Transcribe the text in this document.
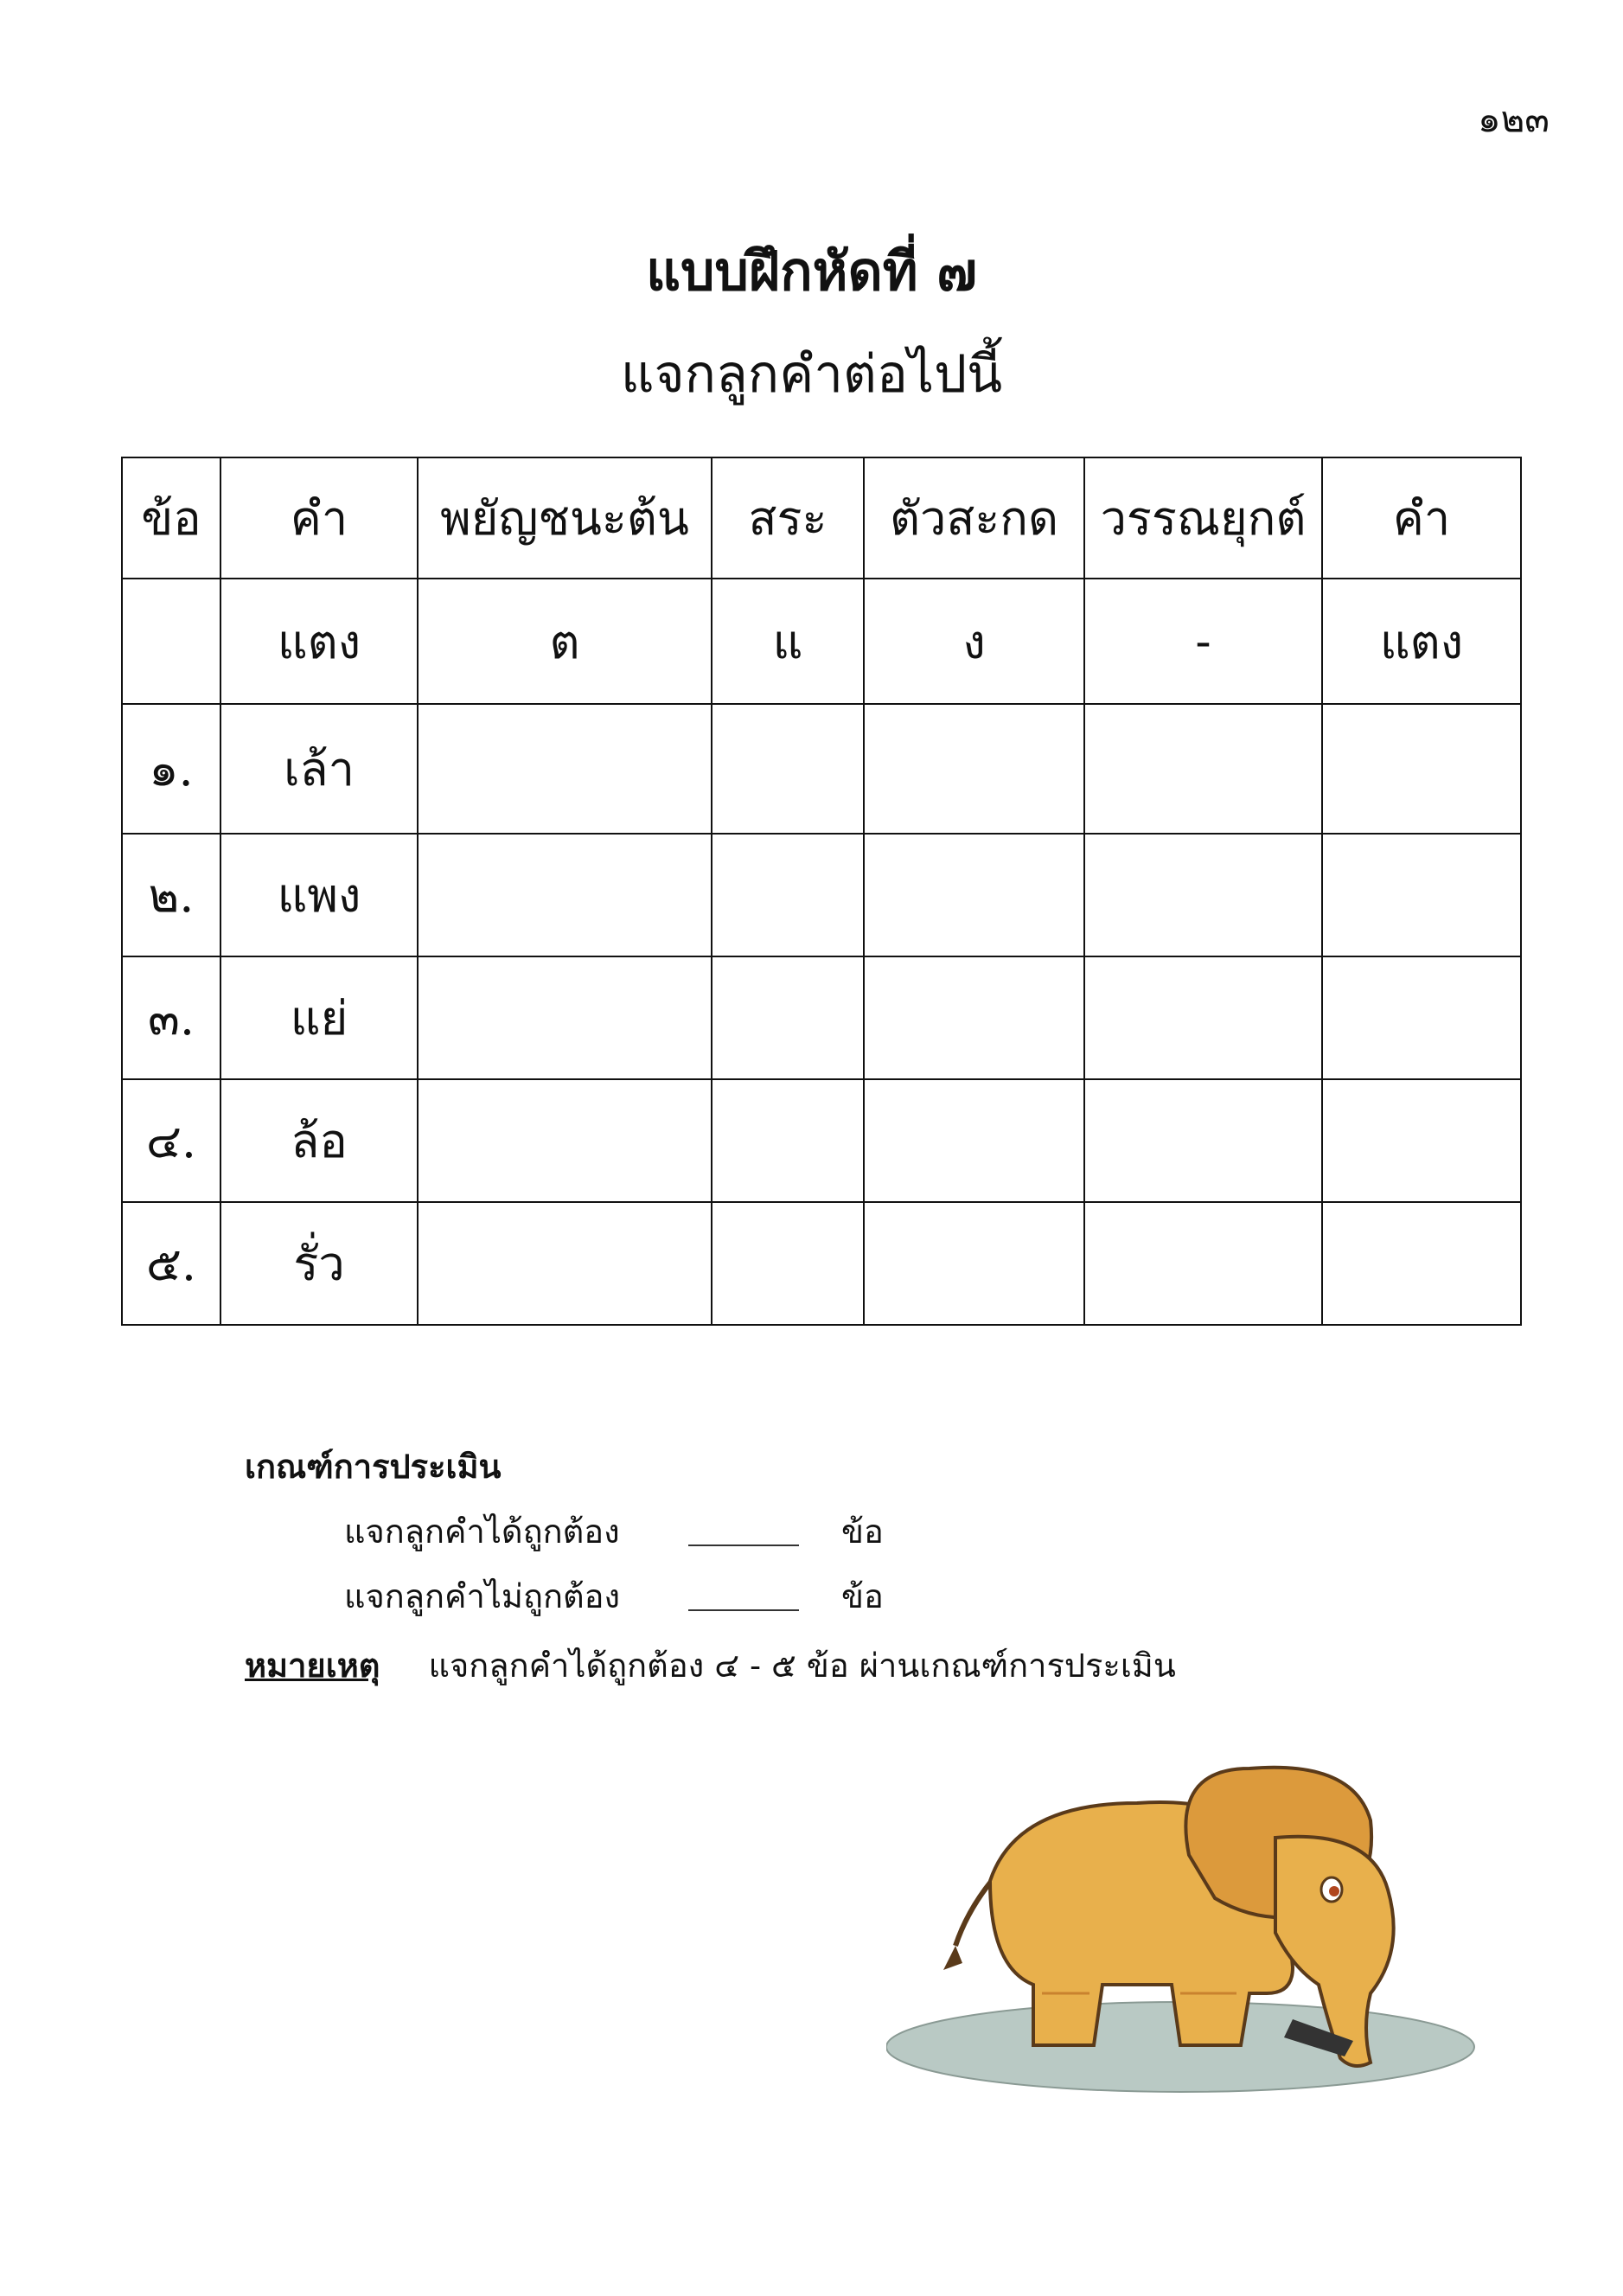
๑๒๓
แบบฝึกหัดที่ ๗
แจกลูกคำต่อไปนี้
ข้อ	คำ	พยัญชนะต้น	สระ	ตัวสะกด	วรรณยุกต์	คำ
	แตง	ต	แ	ง	-	แตง
๑.	เล้า					
๒.	แพง					
๓.	แย่					
๔.	ล้อ					
๕.	รั่ว					
เกณฑ์การประเมิน
แจกลูกคำได้ถูกต้อง	ข้อ
แจกลูกคำไม่ถูกต้อง	ข้อ
หมายเหตุ แจกลูกคำได้ถูกต้อง ๔ - ๕ ข้อ ผ่านเกณฑ์การประเมิน
